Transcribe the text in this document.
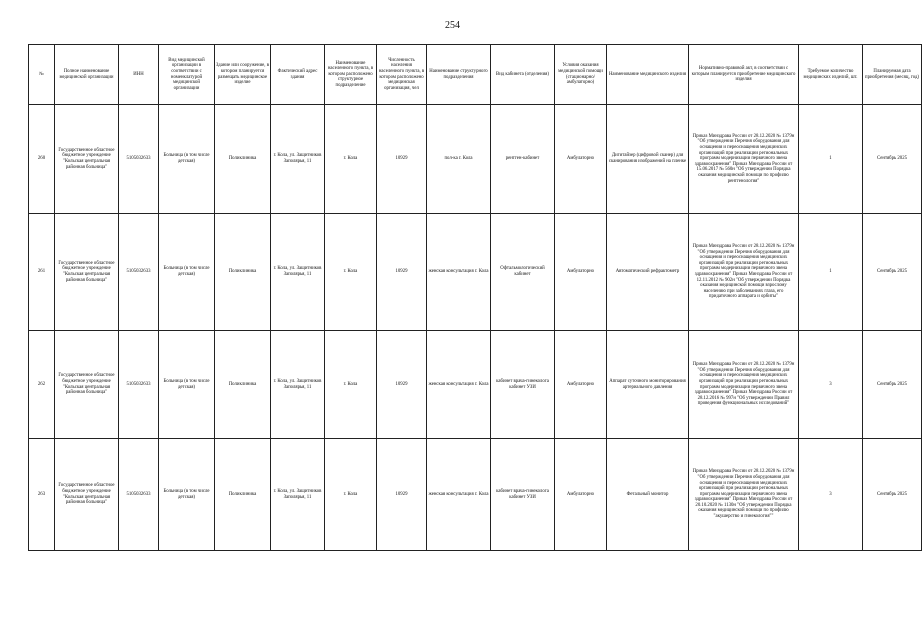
254
№	Полное наименование медицинской организации	ИНН	Вид медицинской организации в соответствии с номенклатурой медицинской организации	Здание или сооружение, в котором планируется размещать медицинское изделие	Фактический адрес здания	Наименование населенного пункта, в котором расположено структурное подразделение	Численность населения населенного пункта, в котором расположено медицинская организация, чел	Наименование структурного подразделения	Вид кабинета (отделения)	Условия оказания медицинской помощи (стационарно/амбулаторно)	Наименование медицинского изделия	Нормативно-правовой акт, в соответствии с которым планируется приобретение медицинского изделия	Требуемое количество медицинских изделий, шт.	Планируемая дата приобретения (месяц, год)
260	Государственное областное бюджетное учреждение "Кольская центральная районная больница"	5105032633	Больница (в том числе детская)	Поликлиника	г. Кола, ул. Защитников Заполярья, 11	г. Кола	10929	пол-ка г. Кола	рентген-кабинет	Амбулаторно	Дигитайзер (цифровой сканер) для сканирования изображений на пленке	Приказ Минздрава России от 28.12.2020 № 1379н "Об утверждении Перечня оборудования для оснащения и переоснащения медицинских организаций при реализации региональных программ модернизации первичного звена здравоохранения" Приказ Минздрава России от 15.06.2017 № 560н "Об утверждении Порядка оказания медицинской помощи по профилю рентгенология"	1	Сентябрь 2025
261	Государственное областное бюджетное учреждение "Кольская центральная районная больница"	5105032633	Больница (в том числе детская)	Поликлиника	г. Кола, ул. Защитников Заполярья, 11	г. Кола	10929	женская консультация г. Кола	Офтальмологический кабинет	Амбулаторно	Автоматический рефрактометр	Приказ Минздрава России от 28.12.2020 № 1379н "Об утверждении Перечня оборудования для оснащения и переоснащения медицинских организаций при реализации региональных программ модернизации первичного звена здравоохранения" Приказ Минздрава России от 12.11.2012 № 902н "Об утверждении Порядка оказания медицинской помощи взрослому населению при заболеваниях глаза, его придаточного аппарата и орбиты"	1	Сентябрь 2025
262	Государственное областное бюджетное учреждение "Кольская центральная районная больница"	5105032633	Больница (в том числе детская)	Поликлиника	г. Кола, ул. Защитников Заполярья, 11	г. Кола	10929	женская консультация г. Кола	кабинет врача-гинеколога кабинет УЗИ	Амбулаторно	Аппарат суточного мониторирования артериального давления	Приказ Минздрава России от 28.12.2020 № 1379н "Об утверждении Перечня оборудования для оснащения и переоснащения медицинских организаций при реализации региональных программ модернизации первичного звена здравоохранения" Приказ Минздрава России от 28.12.2016 № 997н "Об утверждении Правил проведения функциональных исследований"	3	Сентябрь 2025
263	Государственное областное бюджетное учреждение "Кольская центральная районная больница"	5105032633	Больница (в том числе детская)	Поликлиника	г. Кола, ул. Защитников Заполярья, 11	г. Кола	10929	женская консультация г. Кола	кабинет врача-гинеколога кабинет УЗИ	Амбулаторно	Фетальный монитор	Приказ Минздрава России от 28.12.2020 № 1379н "Об утверждении Перечня оборудования для оснащения и переоснащения медицинских организаций при реализации региональных программ модернизации первичного звена здравоохранения" Приказ Минздрава России от 20.10.2020 № 1130н "Об утверждении Порядка оказания медицинской помощи по профилю "акушерство и гинекология""	3	Сентябрь 2025
